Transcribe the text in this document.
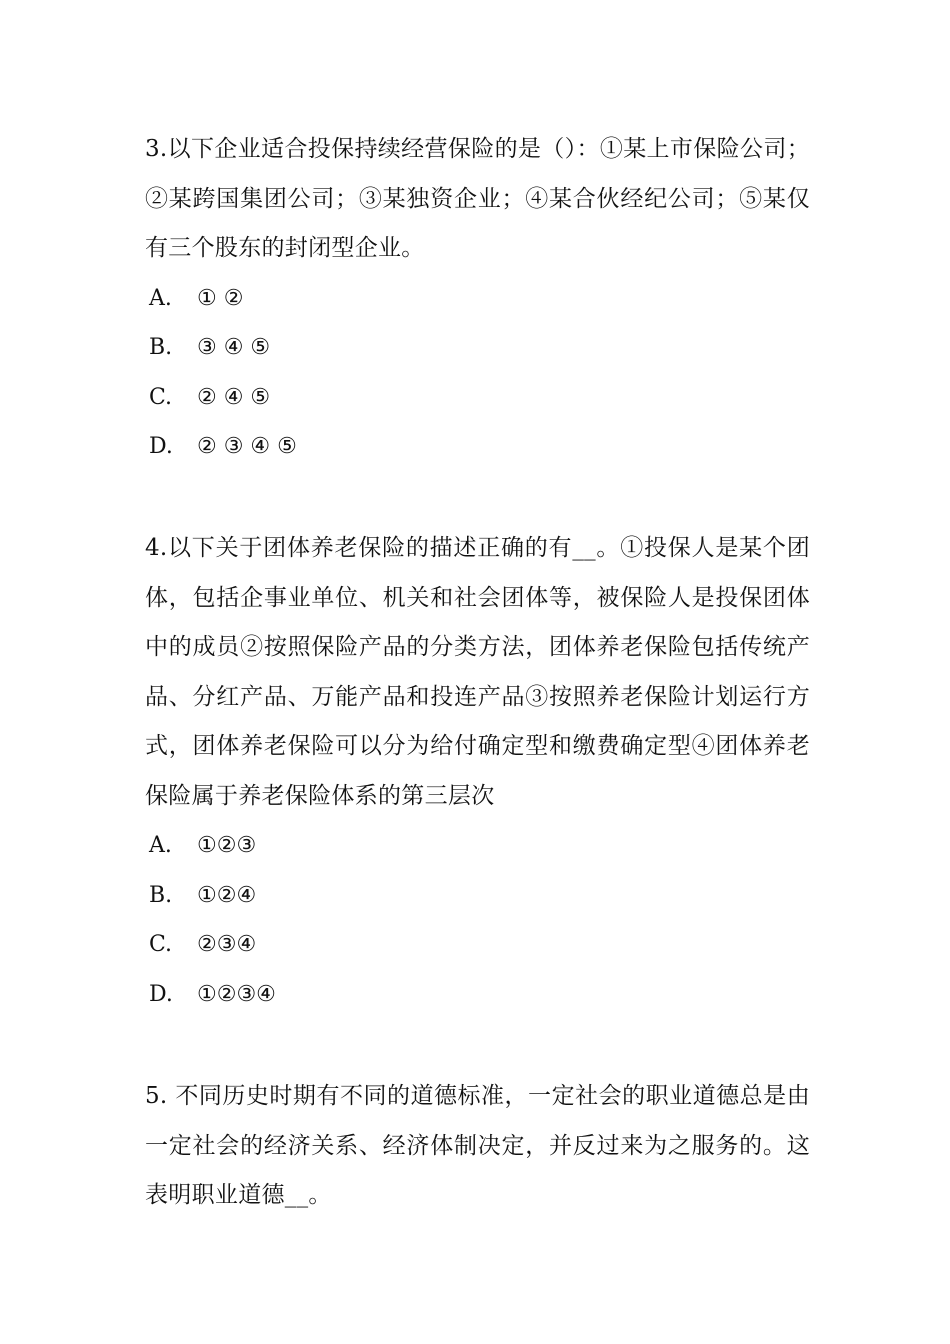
3.以下企业适合投保持续经营保险的是（）：①某上市保险公司；②某跨国集团公司；③某独资企业；④某合伙经纪公司；⑤某仅有三个股东的封闭型企业。

A. ① ②
B. ③ ④ ⑤
C. ② ④ ⑤
D. ② ③ ④ ⑤

4.以下关于团体养老保险的描述正确的有__。①投保人是某个团体，包括企事业单位、机关和社会团体等，被保险人是投保团体中的成员②按照保险产品的分类方法，团体养老保险包括传统产品、分红产品、万能产品和投连产品③按照养老保险计划运行方式，团体养老保险可以分为给付确定型和缴费确定型④团体养老保险属于养老保险体系的第三层次

A. ①②③
B. ①②④
C. ②③④
D. ①②③④

5. 不同历史时期有不同的道德标准，一定社会的职业道德总是由一定社会的经济关系、经济体制决定，并反过来为之服务的。这表明职业道德__。
